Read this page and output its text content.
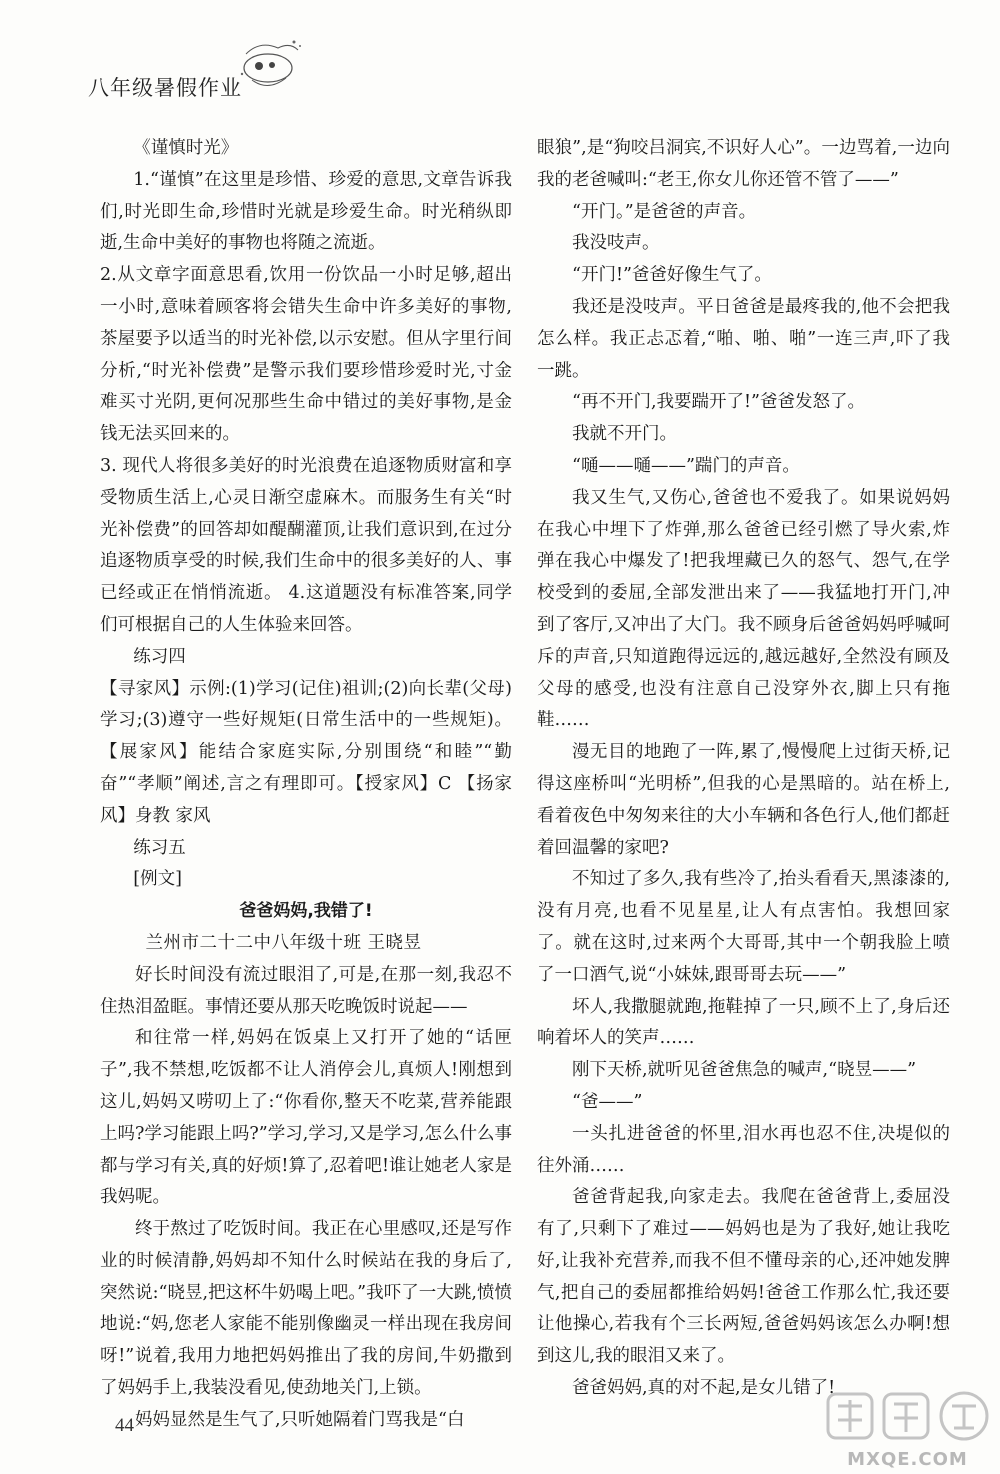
八年级暑假作业

《谨慎时光》

1.“谨慎”在这里是珍惜、珍爱的意思,文章告诉我们,时光即生命,珍惜时光就是珍爱生命。时光稍纵即逝,生命中美好的事物也将随之流逝。

2.从文章字面意思看,饮用一份饮品一小时足够,超出一小时,意味着顾客将会错失生命中许多美好的事物,茶屋要予以适当的时光补偿,以示安慰。但从字里行间分析,“时光补偿费”是警示我们要珍惜珍爱时光,寸金难买寸光阴,更何况那些生命中错过的美好事物,是金钱无法买回来的。

3. 现代人将很多美好的时光浪费在追逐物质财富和享受物质生活上,心灵日渐空虚麻木。而服务生有关“时光补偿费”的回答却如醍醐灌顶,让我们意识到,在过分追逐物质享受的时候,我们生命中的很多美好的人、事已经或正在悄悄流逝。 4.这道题没有标准答案,同学们可根据自己的人生体验来回答。

练习四

【寻家风】示例:(1)学习(记住)祖训;(2)向长辈(父母)学习;(3)遵守一些好规矩(日常生活中的一些规矩)。【展家风】能结合家庭实际,分别围绕“和睦”“勤奋”“孝顺”阐述,言之有理即可。【授家风】C 【扬家风】身教 家风

练习五

[例文]

爸爸妈妈,我错了!

兰州市二十二中八年级十班 王晓昱

好长时间没有流过眼泪了,可是,在那一刻,我忍不住热泪盈眶。事情还要从那天吃晚饭时说起——

和往常一样,妈妈在饭桌上又打开了她的“话匣子”,我不禁想,吃饭都不让人消停会儿,真烦人!刚想到这儿,妈妈又唠叨上了:“你看你,整天不吃菜,营养能跟上吗?学习能跟上吗?”学习,学习,又是学习,怎么什么事都与学习有关,真的好烦!算了,忍着吧!谁让她老人家是我妈呢。

终于熬过了吃饭时间。我正在心里感叹,还是写作业的时候清静,妈妈却不知什么时候站在我的身后了,突然说:“晓昱,把这杯牛奶喝上吧。”我吓了一大跳,愤愤地说:“妈,您老人家能不能别像幽灵一样出现在我房间呀!”说着,我用力地把妈妈推出了我的房间,牛奶撒到了妈妈手上,我装没看见,使劲地关门,上锁。

妈妈显然是生气了,只听她隔着门骂我是“白

眼狼”,是“狗咬吕洞宾,不识好人心”。一边骂着,一边向我的老爸喊叫:“老王,你女儿你还管不管了——”

“开门。”是爸爸的声音。

我没吱声。

“开门!”爸爸好像生气了。

我还是没吱声。平日爸爸是最疼我的,他不会把我怎么样。我正忐忑着,“啪、啪、啪”一连三声,吓了我一跳。

“再不开门,我要踹开了!”爸爸发怒了。

我就不开门。

“嗵——嗵——”踹门的声音。

我又生气,又伤心,爸爸也不爱我了。如果说妈妈在我心中埋下了炸弹,那么爸爸已经引燃了导火索,炸弹在我心中爆发了!把我埋藏已久的怒气、怨气,在学校受到的委屈,全部发泄出来了——我猛地打开门,冲到了客厅,又冲出了大门。我不顾身后爸爸妈妈呼喊呵斥的声音,只知道跑得远远的,越远越好,全然没有顾及父母的感受,也没有注意自己没穿外衣,脚上只有拖鞋……

漫无目的地跑了一阵,累了,慢慢爬上过街天桥,记得这座桥叫“光明桥”,但我的心是黑暗的。站在桥上,看着夜色中匆匆来往的大小车辆和各色行人,他们都赶着回温馨的家吧?

不知过了多久,我有些冷了,抬头看看天,黑漆漆的,没有月亮,也看不见星星,让人有点害怕。我想回家了。就在这时,过来两个大哥哥,其中一个朝我脸上喷了一口酒气,说“小妹妹,跟哥哥去玩——”

坏人,我撒腿就跑,拖鞋掉了一只,顾不上了,身后还响着坏人的笑声……

刚下天桥,就听见爸爸焦急的喊声,“晓昱——”

“爸——”

一头扎进爸爸的怀里,泪水再也忍不住,决堤似的往外涌……

爸爸背起我,向家走去。我爬在爸爸背上,委屈没有了,只剩下了难过——妈妈也是为了我好,她让我吃好,让我补充营养,而我不但不懂母亲的心,还冲她发脾气,把自己的委屈都推给妈妈!爸爸工作那么忙,我还要让他操心,若我有个三长两短,爸爸妈妈该怎么办啊!想到这儿,我的眼泪又来了。

爸爸妈妈,真的对不起,是女儿错了!

44
MXQE.COM
